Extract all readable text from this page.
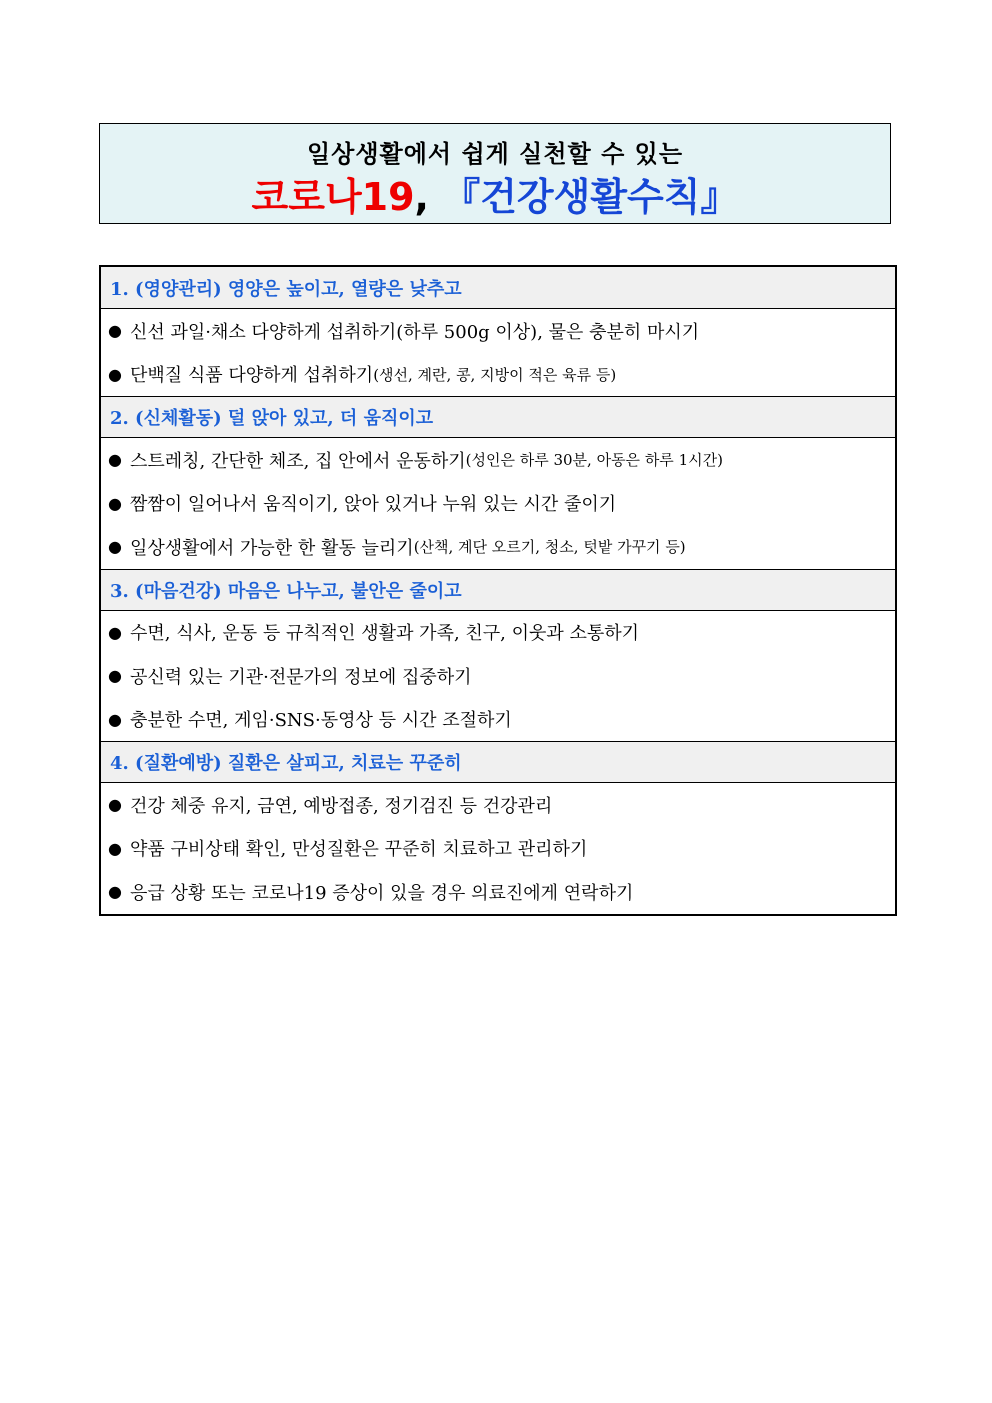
일상생활에서 쉽게 실천할 수 있는
코로나19, 『건강생활수칙』
1. (영양관리) 영양은 높이고, 열량은 낮추고
● 신선 과일·채소 다양하게 섭취하기(하루 500g 이상), 물은 충분히 마시기
● 단백질 식품 다양하게 섭취하기 (생선, 계란, 콩, 지방이 적은 육류 등)
2. (신체활동) 덜 앉아 있고, 더 움직이고
● 스트레칭, 간단한 체조, 집 안에서 운동하기 (성인은 하루 30분, 아동은 하루 1시간)
● 짬짬이 일어나서 움직이기, 앉아 있거나 누워 있는 시간 줄이기
● 일상생활에서 가능한 한 활동 늘리기 (산책, 계단 오르기, 청소, 텃밭 가꾸기 등)
3. (마음건강) 마음은 나누고, 불안은 줄이고
● 수면, 식사, 운동 등 규칙적인 생활과 가족, 친구, 이웃과 소통하기
● 공신력 있는 기관·전문가의 정보에 집중하기
● 충분한 수면, 게임·SNS·동영상 등 시간 조절하기
4. (질환예방) 질환은 살피고, 치료는 꾸준히
● 건강 체중 유지, 금연, 예방접종, 정기검진 등 건강관리
● 약품 구비상태 확인, 만성질환은 꾸준히 치료하고 관리하기
● 응급 상황 또는 코로나19 증상이 있을 경우 의료진에게 연락하기
